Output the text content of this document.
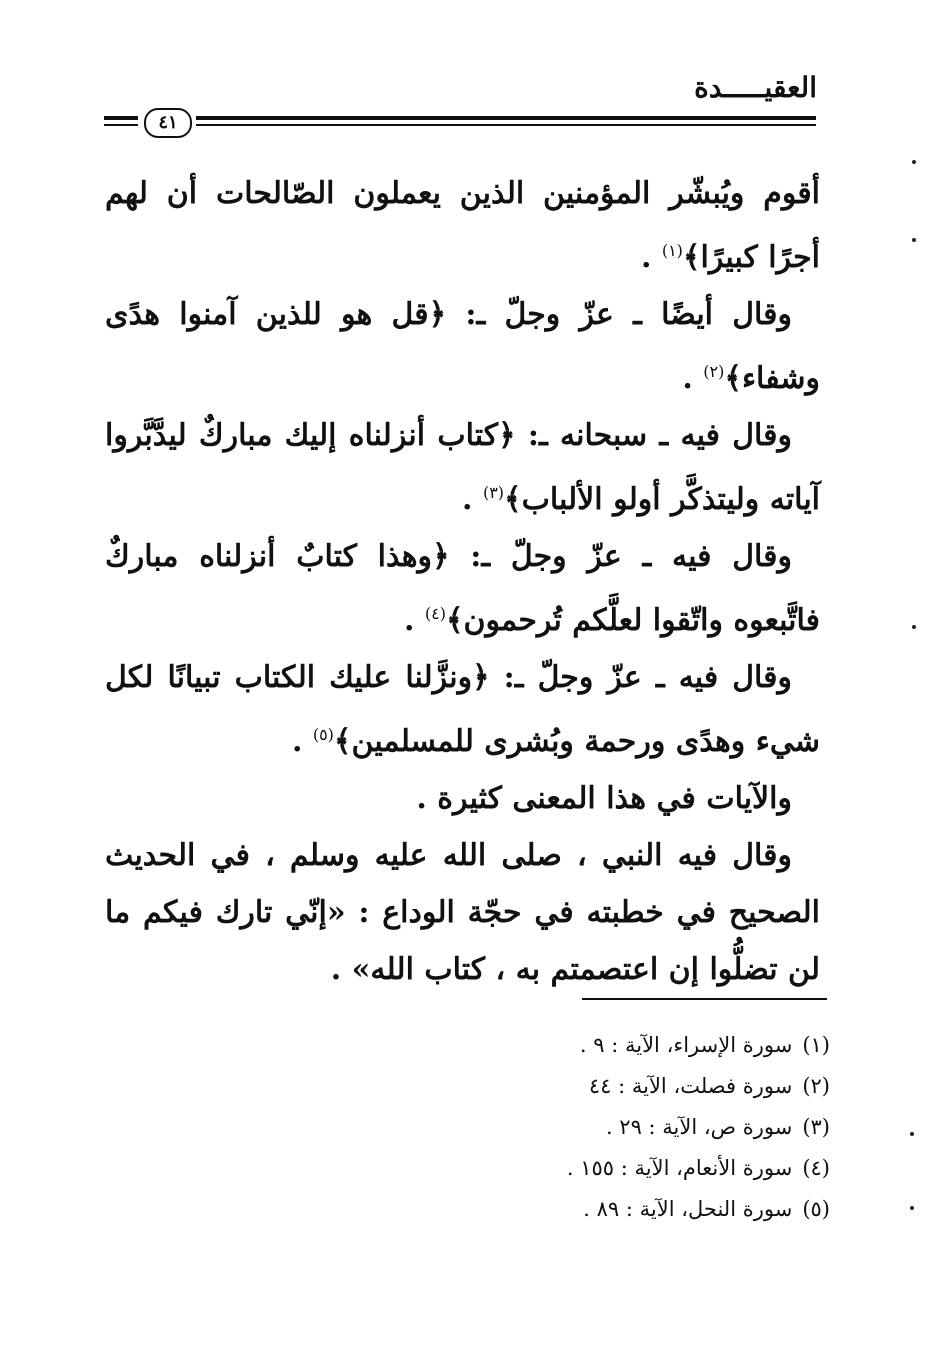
العقيـــــدة
٤١

أقوم ويُبشّر المؤمنين الذين يعملون الصّالحات أن لهم أجرًا كبيرًا﴾$^{(١)}$ .

وقال أيضًا ـ عزّ وجلّ ـ: ﴿قل هو للذين آمنوا هدًى وشفاء﴾$^{(٢)}$ .

وقال فيه ـ سبحانه ـ: ﴿كتاب أنزلناه إليك مباركٌ ليدَّبَّروا آياته وليتذكَّر أولو الألباب﴾$^{(٣)}$ .

وقال فيه ـ عزّ وجلّ ـ: ﴿وهذا كتابٌ أنزلناه مباركٌ فاتَّبعوه واتّقوا لعلَّكم تُرحمون﴾$^{(٤)}$ .

وقال فيه ـ عزّ وجلّ ـ: ﴿ونزَّلنا عليك الكتاب تبيانًا لكل شيء وهدًى ورحمة وبُشرى للمسلمين﴾$^{(٥)}$ .

والآيات في هذا المعنى كثيرة .

وقال فيه النبي ، صلى الله عليه وسلم ، في الحديث الصحيح في خطبته في حجّة الوداع : «إنّي تارك فيكم ما لن تضلُّوا إن اعتصمتم به ، كتاب الله» .

(١)سورة الإسراء، الآية : ٩ .
(٢)سورة فصلت، الآية : ٤٤
(٣)سورة ص، الآية : ٢٩ .
(٤)سورة الأنعام، الآية : ١٥٥ .
(٥)سورة النحل، الآية : ٨٩ .
